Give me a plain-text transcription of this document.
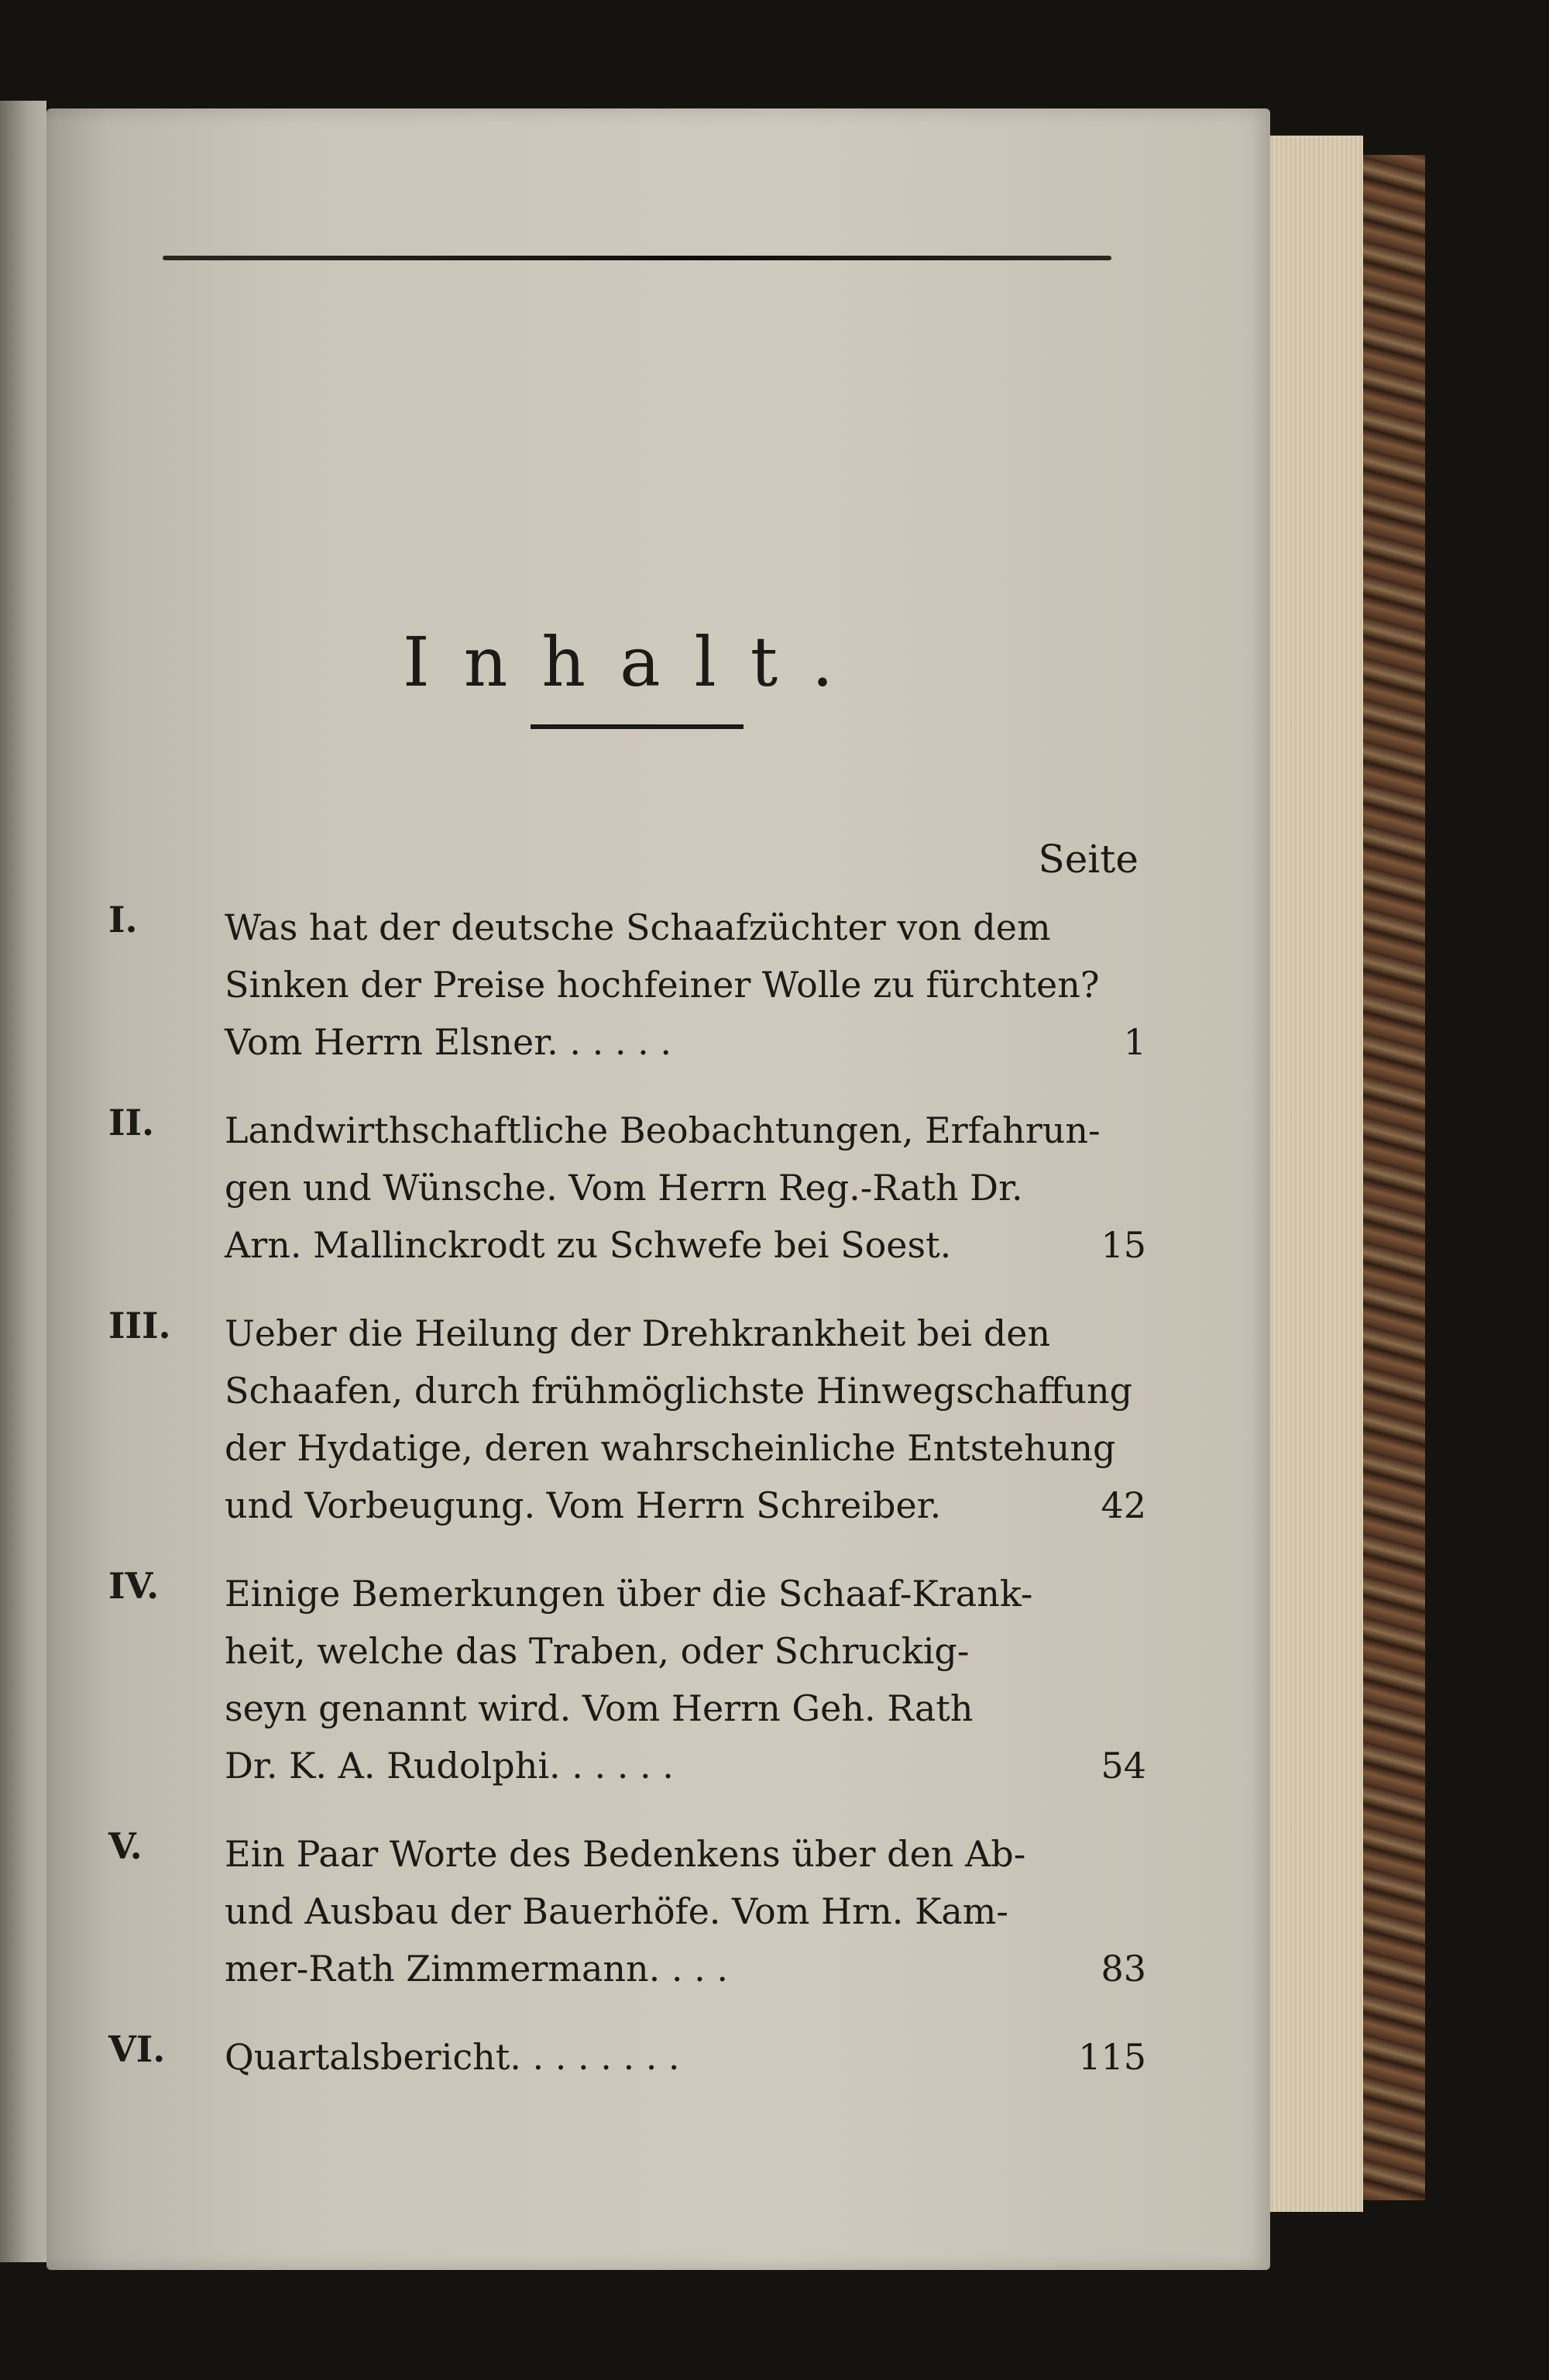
Inhalt.
Seite
I.	Was hat der deutsche Schaafzüchter von dem
Sinken der Preise hochfeiner Wolle zu fürchten?
Vom Herrn Elsner. . . . . .	1
II.	Landwirthschaftliche Beobachtungen, Erfahrun-
gen und Wünsche. Vom Herrn Reg.-Rath Dr.
Arn. Mallinckrodt zu Schwefe bei Soest.	15
III.	Ueber die Heilung der Drehkrankheit bei den
Schaafen, durch frühmöglichste Hinwegschaffung
der Hydatige, deren wahrscheinliche Entstehung
und Vorbeugung. Vom Herrn Schreiber.	42
IV.	Einige Bemerkungen über die Schaaf-Krank-
heit, welche das Traben, oder Schruckig-
seyn genannt wird. Vom Herrn Geh. Rath
Dr. K. A. Rudolphi. . . . . .	54
V.	Ein Paar Worte des Bedenkens über den Ab-
und Ausbau der Bauerhöfe. Vom Hrn. Kam-
mer-Rath Zimmermann. . . .	83
VI.	Quartalsbericht. . . . . . . .	115
